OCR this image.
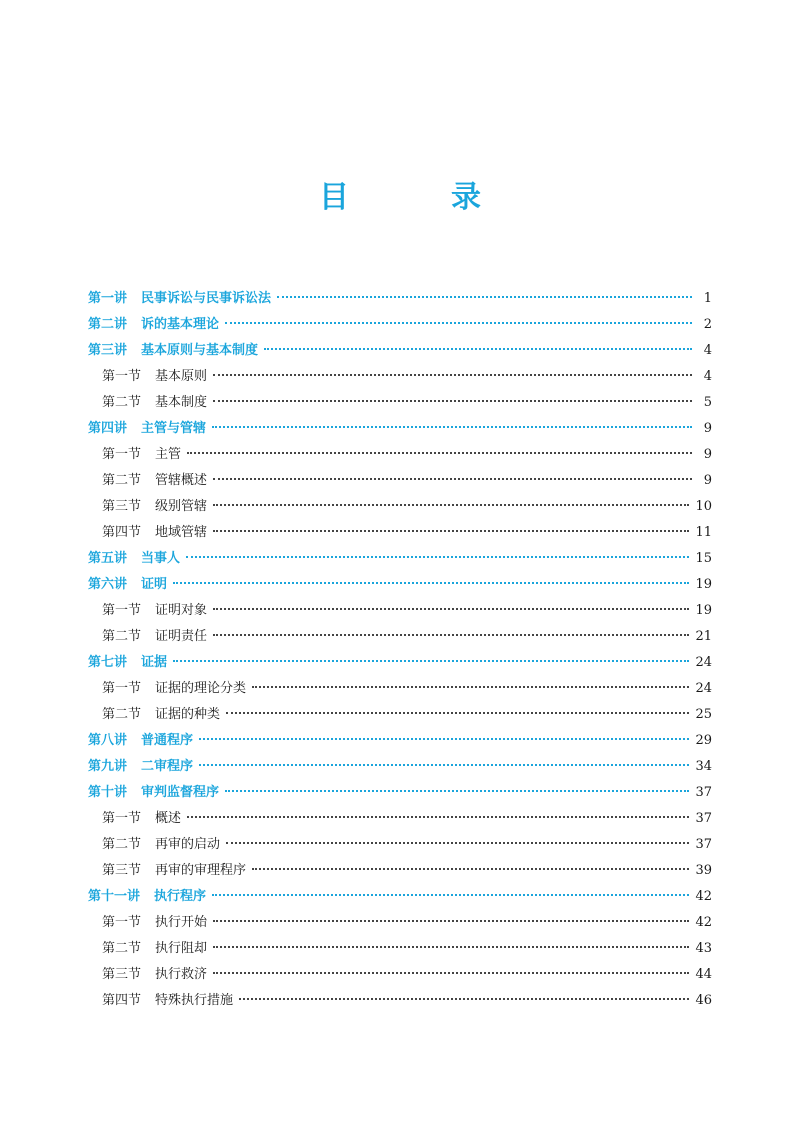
目　录
第一讲 民事诉讼与民事诉讼法	1
第二讲 诉的基本理论	2
第三讲 基本原则与基本制度	4
第一节 基本原则	4
第二节 基本制度	5
第四讲 主管与管辖	9
第一节 主管	9
第二节 管辖概述	9
第三节 级别管辖	10
第四节 地域管辖	11
第五讲 当事人	15
第六讲 证明	19
第一节 证明对象	19
第二节 证明责任	21
第七讲 证据	24
第一节 证据的理论分类	24
第二节 证据的种类	25
第八讲 普通程序	29
第九讲 二审程序	34
第十讲 审判监督程序	37
第一节 概述	37
第二节 再审的启动	37
第三节 再审的审理程序	39
第十一讲 执行程序	42
第一节 执行开始	42
第二节 执行阻却	43
第三节 执行救济	44
第四节 特殊执行措施	46
